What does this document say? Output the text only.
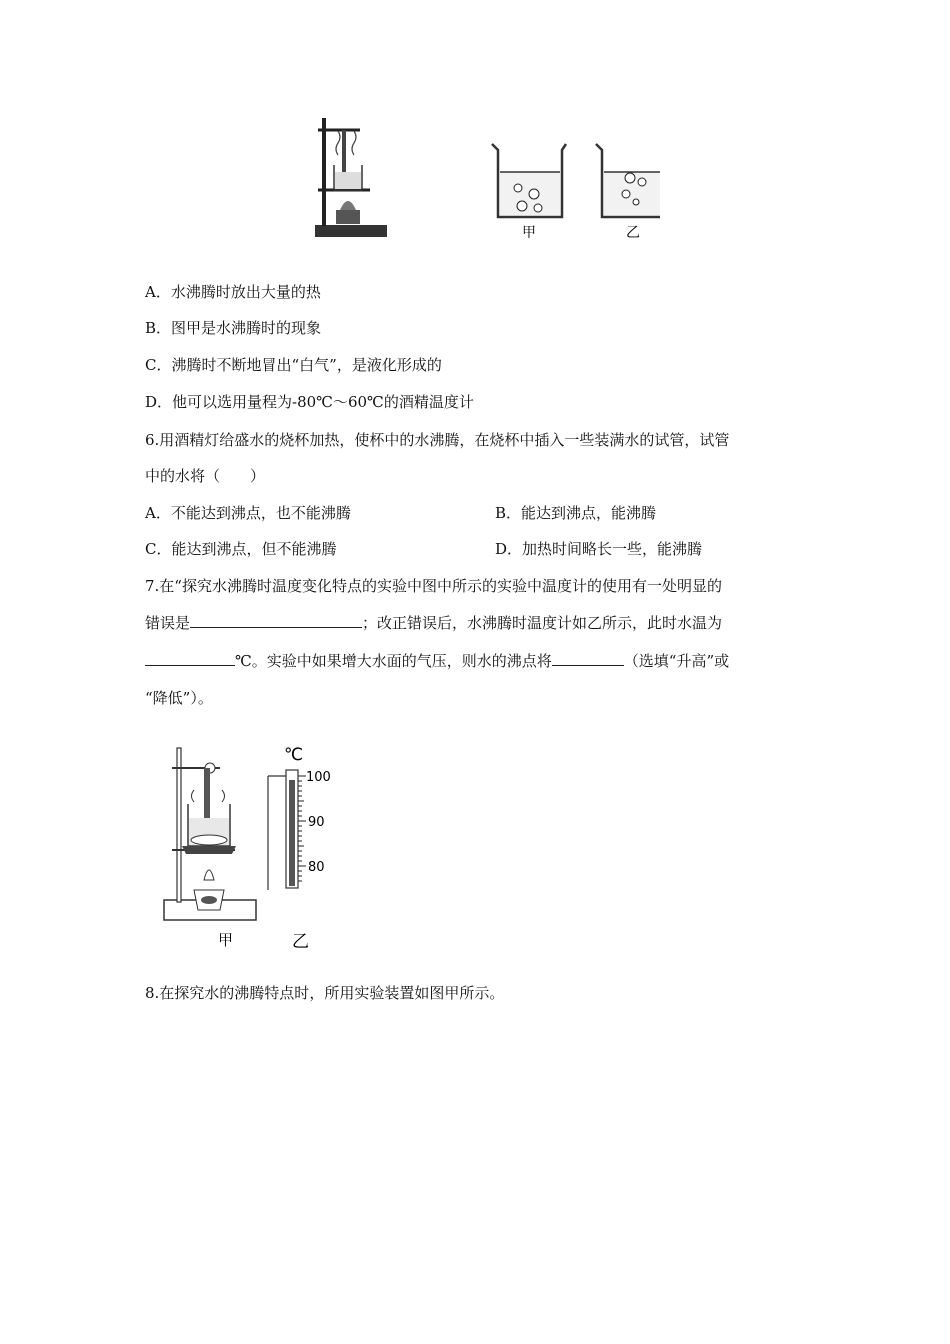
甲	乙
A．水沸腾时放出大量的热
B．图甲是水沸腾时的现象
C．沸腾时不断地冒出“白气”，是液化形成的
D．他可以选用量程为-80℃～60℃的酒精温度计
6.用酒精灯给盛水的烧杯加热，使杯中的水沸腾，在烧杯中插入一些装满水的试管，试管
中的水将（　　）
A．不能达到沸点，也不能沸腾	B．能达到沸点，能沸腾
C．能达到沸点，但不能沸腾	D．加热时间略长一些，能沸腾
7.在“探究水沸腾时温度变化特点的实验中图中所示的实验中温度计的使用有一处明显的
错误是	；改正错误后，水沸腾时温度计如乙所示，此时水温为
℃。实验中如果增大水面的气压，则水的沸点将	（选填“升高”或
“降低”）。
甲	乙
℃
100
90
80
8.在探究水的沸腾特点时，所用实验装置如图甲所示。
